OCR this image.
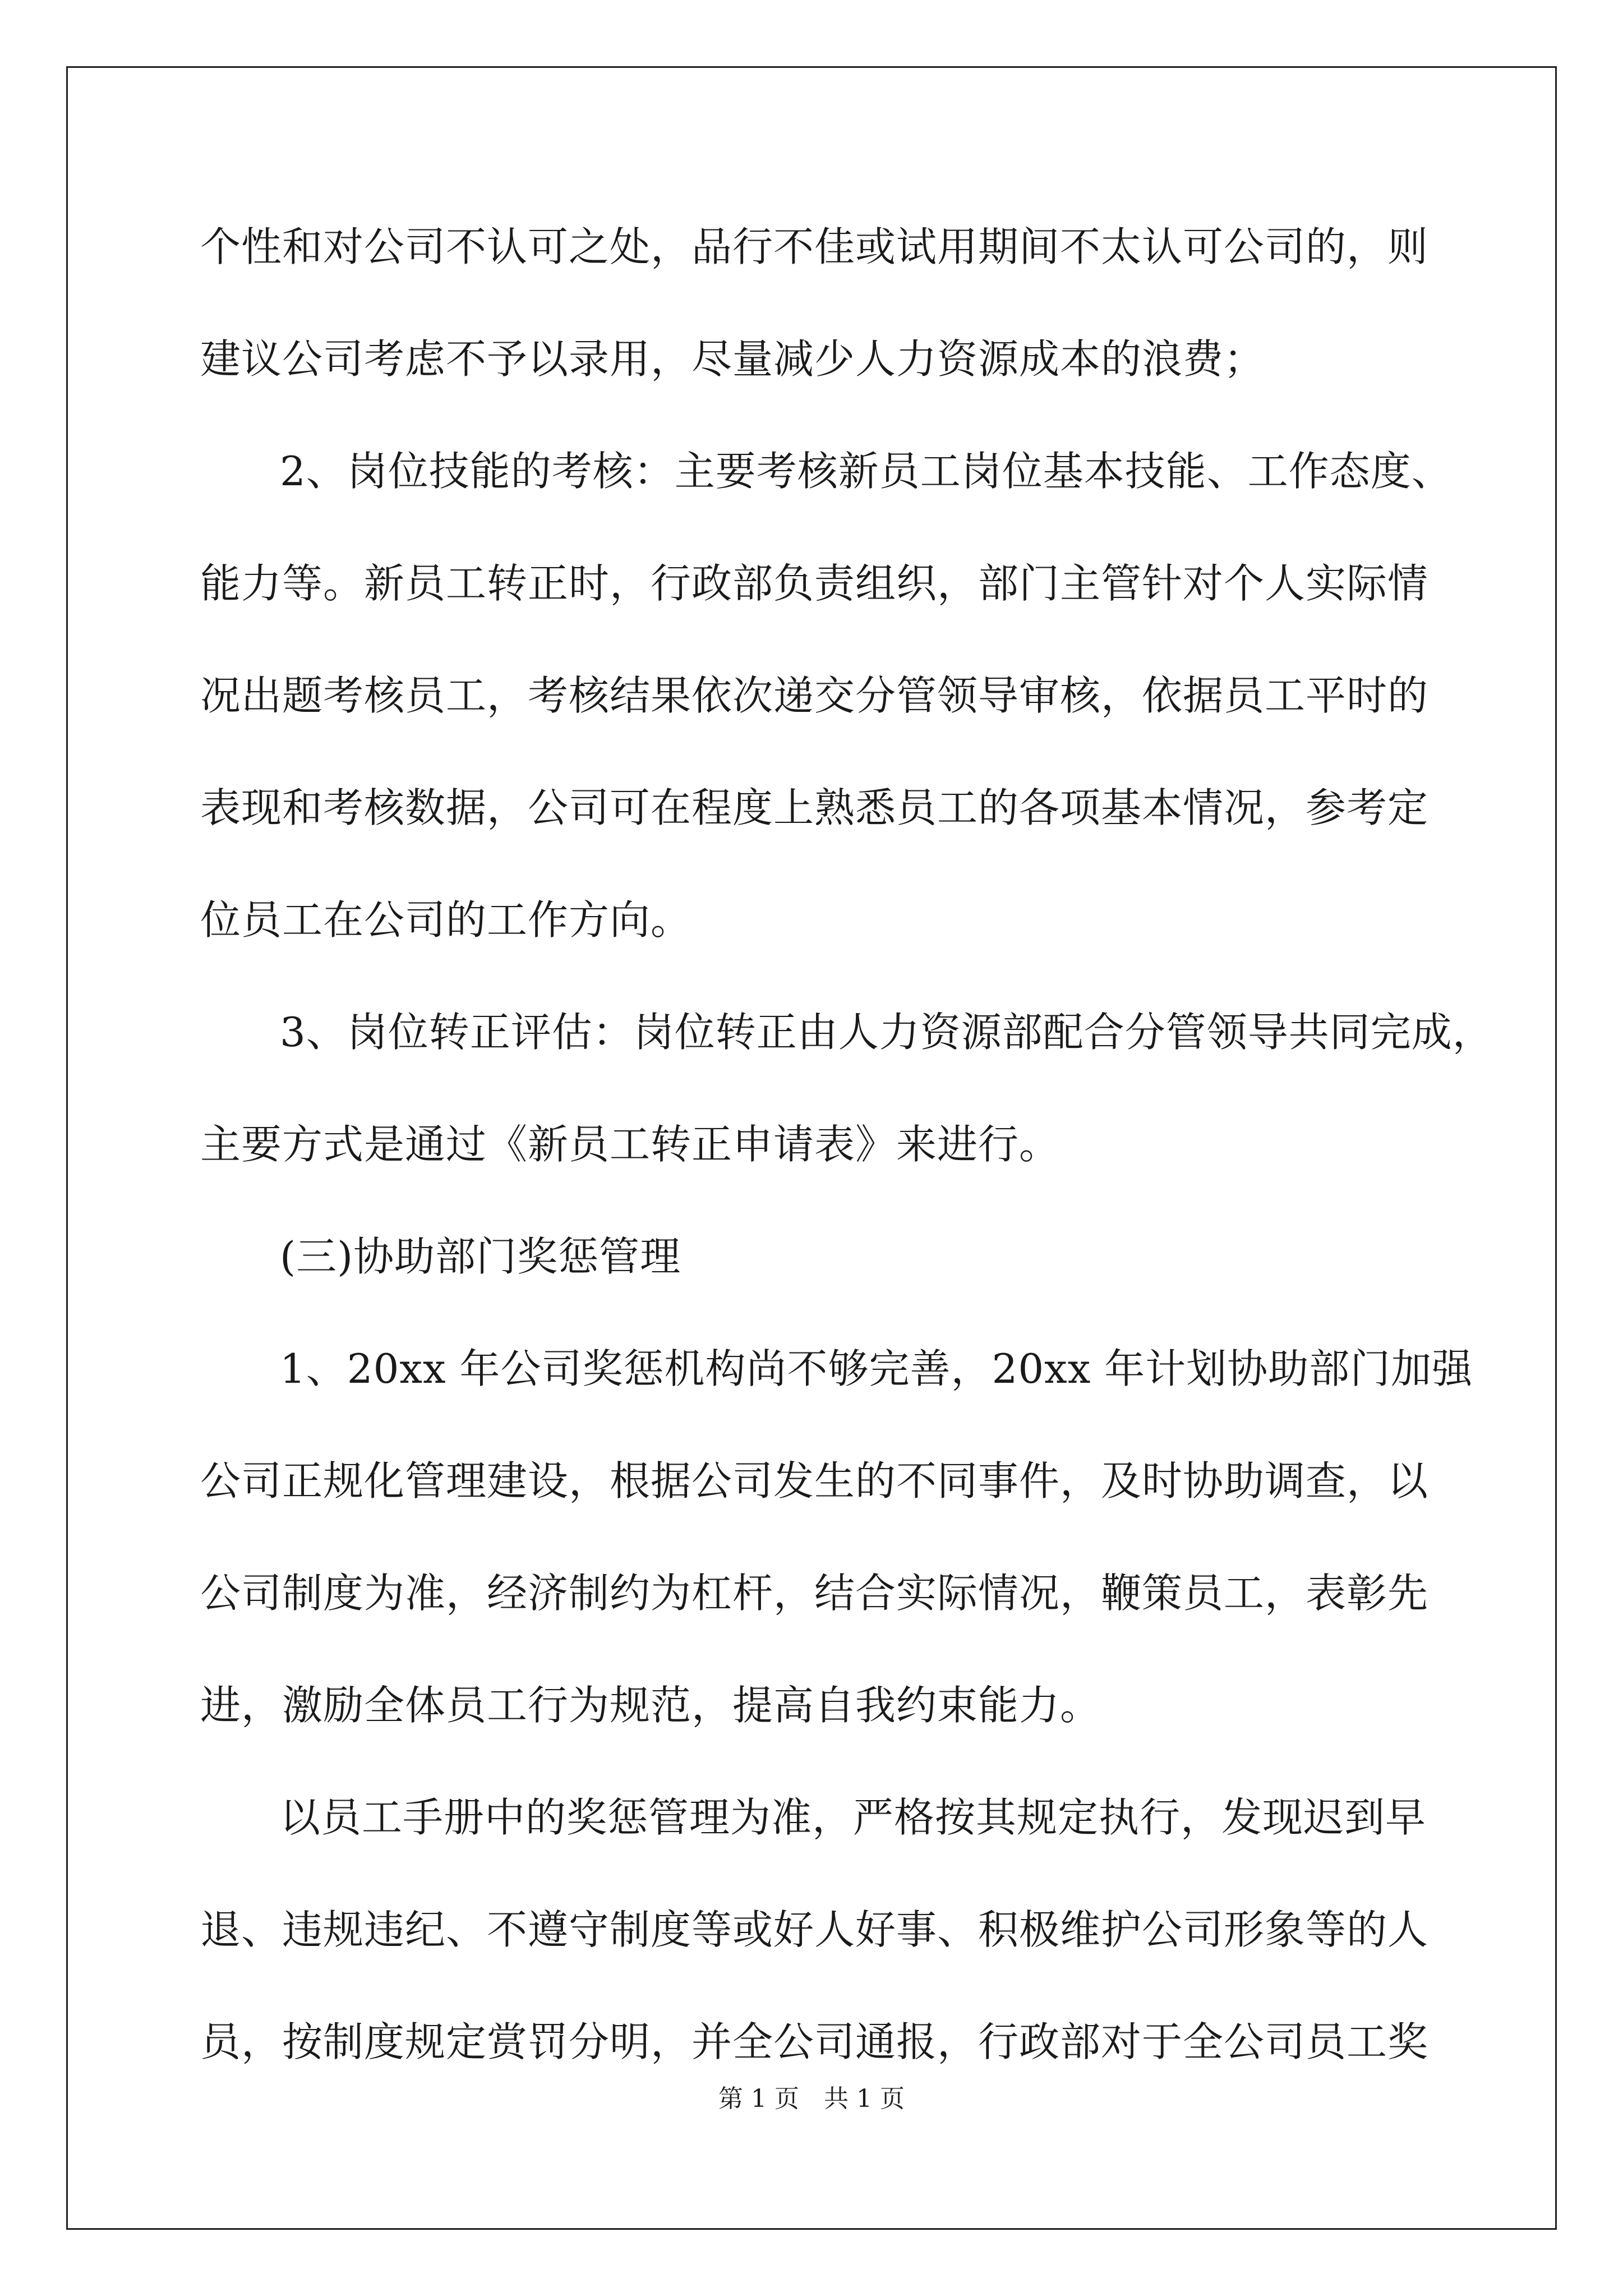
个性和对公司不认可之处，品行不佳或试用期间不太认可公司的，则
建议公司考虑不予以录用，尽量减少人力资源成本的浪费；
2、岗位技能的考核：主要考核新员工岗位基本技能、工作态度、
能力等。新员工转正时，行政部负责组织，部门主管针对个人实际情
况出题考核员工，考核结果依次递交分管领导审核，依据员工平时的
表现和考核数据，公司可在程度上熟悉员工的各项基本情况，参考定
位员工在公司的工作方向。
3、岗位转正评估：岗位转正由人力资源部配合分管领导共同完成，
主要方式是通过《新员工转正申请表》来进行。
(三)协助部门奖惩管理
1、20xx 年公司奖惩机构尚不够完善，20xx 年计划协助部门加强
公司正规化管理建设，根据公司发生的不同事件，及时协助调查，以
公司制度为准，经济制约为杠杆，结合实际情况，鞭策员工，表彰先
进，激励全体员工行为规范，提高自我约束能力。
以员工手册中的奖惩管理为准，严格按其规定执行，发现迟到早
退、违规违纪、不遵守制度等或好人好事、积极维护公司形象等的人
员，按制度规定赏罚分明，并全公司通报，行政部对于全公司员工奖
第 1 页　共 1 页
